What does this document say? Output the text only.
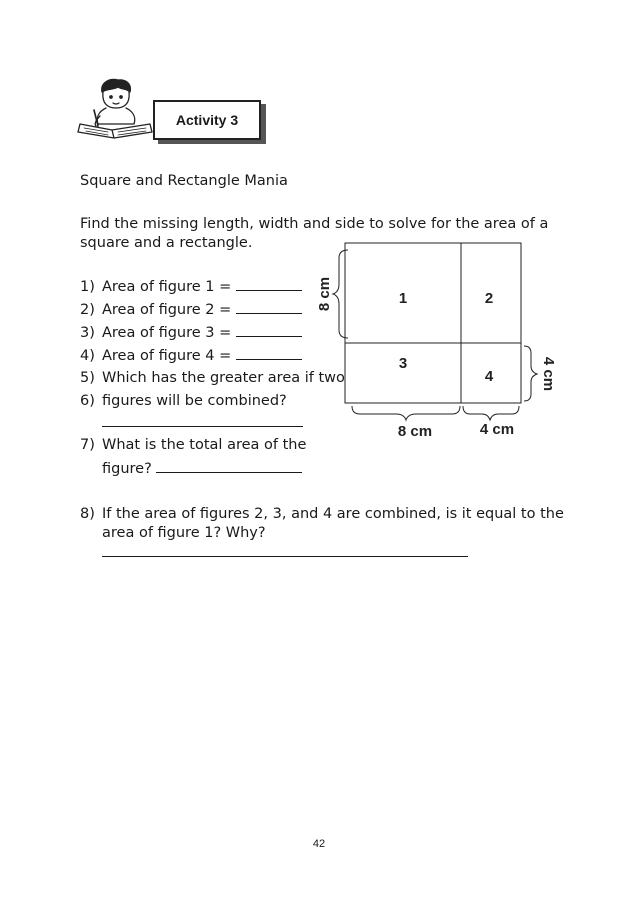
Activity 3
Square and Rectangle Mania
Find the missing length, width and side to solve for the area of a
square and a rectangle.
1) Area of figure 1 =
2) Area of figure 2 =
3) Area of figure 3 =
4) Area of figure 4 =
5) Which has the greater area if two
6) figures will be combined?
7) What is the total area of the
figure?
8) If the area of figures 2, 3, and 4 are combined, is it equal to the
area of figure 1? Why?
1	2
3
4
8 cm
8 cm	4 cm
4 cm
42
